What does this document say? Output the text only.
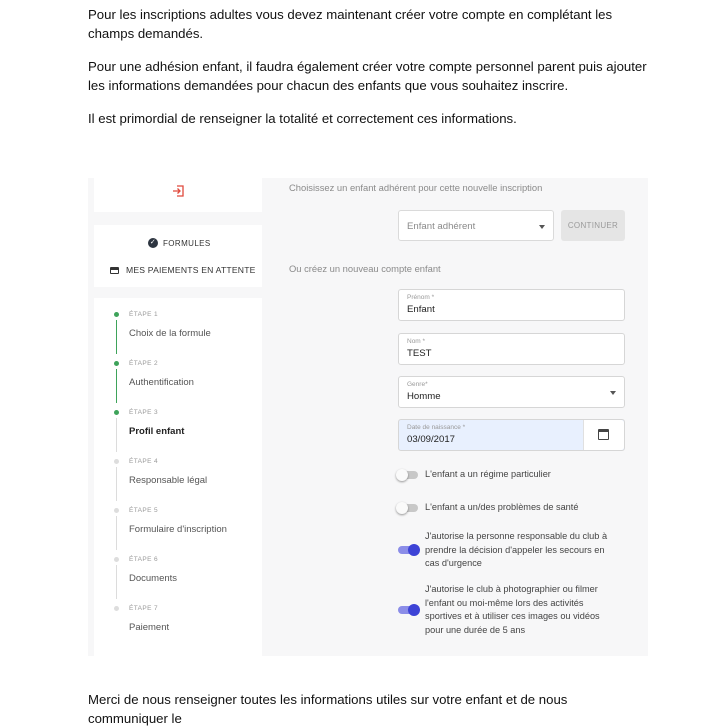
Pour les inscriptions adultes vous devez maintenant créer votre compte en complétant les champs demandés.

Pour une adhésion enfant, il faudra également créer votre compte personnel parent puis ajouter les informations demandées pour chacun des enfants que vous souhaitez inscrire.

Il est primordial de renseigner la totalité et correctement ces informations.

✓ FORMULES
MES PAIEMENTS EN ATTENTE
ÉTAPE 1
Choix de la formule
ÉTAPE 2
Authentification
ÉTAPE 3
Profil enfant
ÉTAPE 4
Responsable légal
ÉTAPE 5
Formulaire d'inscription
ÉTAPE 6
Documents
ÉTAPE 7
Paiement
Choisissez un enfant adhérent pour cette nouvelle inscription
Enfant adhérent	CONTINUER
Ou créez un nouveau compte enfant
Prénom *
Enfant
Nom *
TEST
Genre*
Homme
Date de naissance *
03/09/2017
L'enfant a un régime particulier
L'enfant a un/des problèmes de santé
J'autorise la personne responsable du club à prendre la décision d'appeler les secours en cas d'urgence
J'autorise le club à photographier ou filmer l'enfant ou moi-même lors des activités sportives et à utiliser ces images ou vidéos pour une durée de 5 ans

Merci de nous renseigner toutes les informations utiles sur votre enfant et de nous communiquer le
